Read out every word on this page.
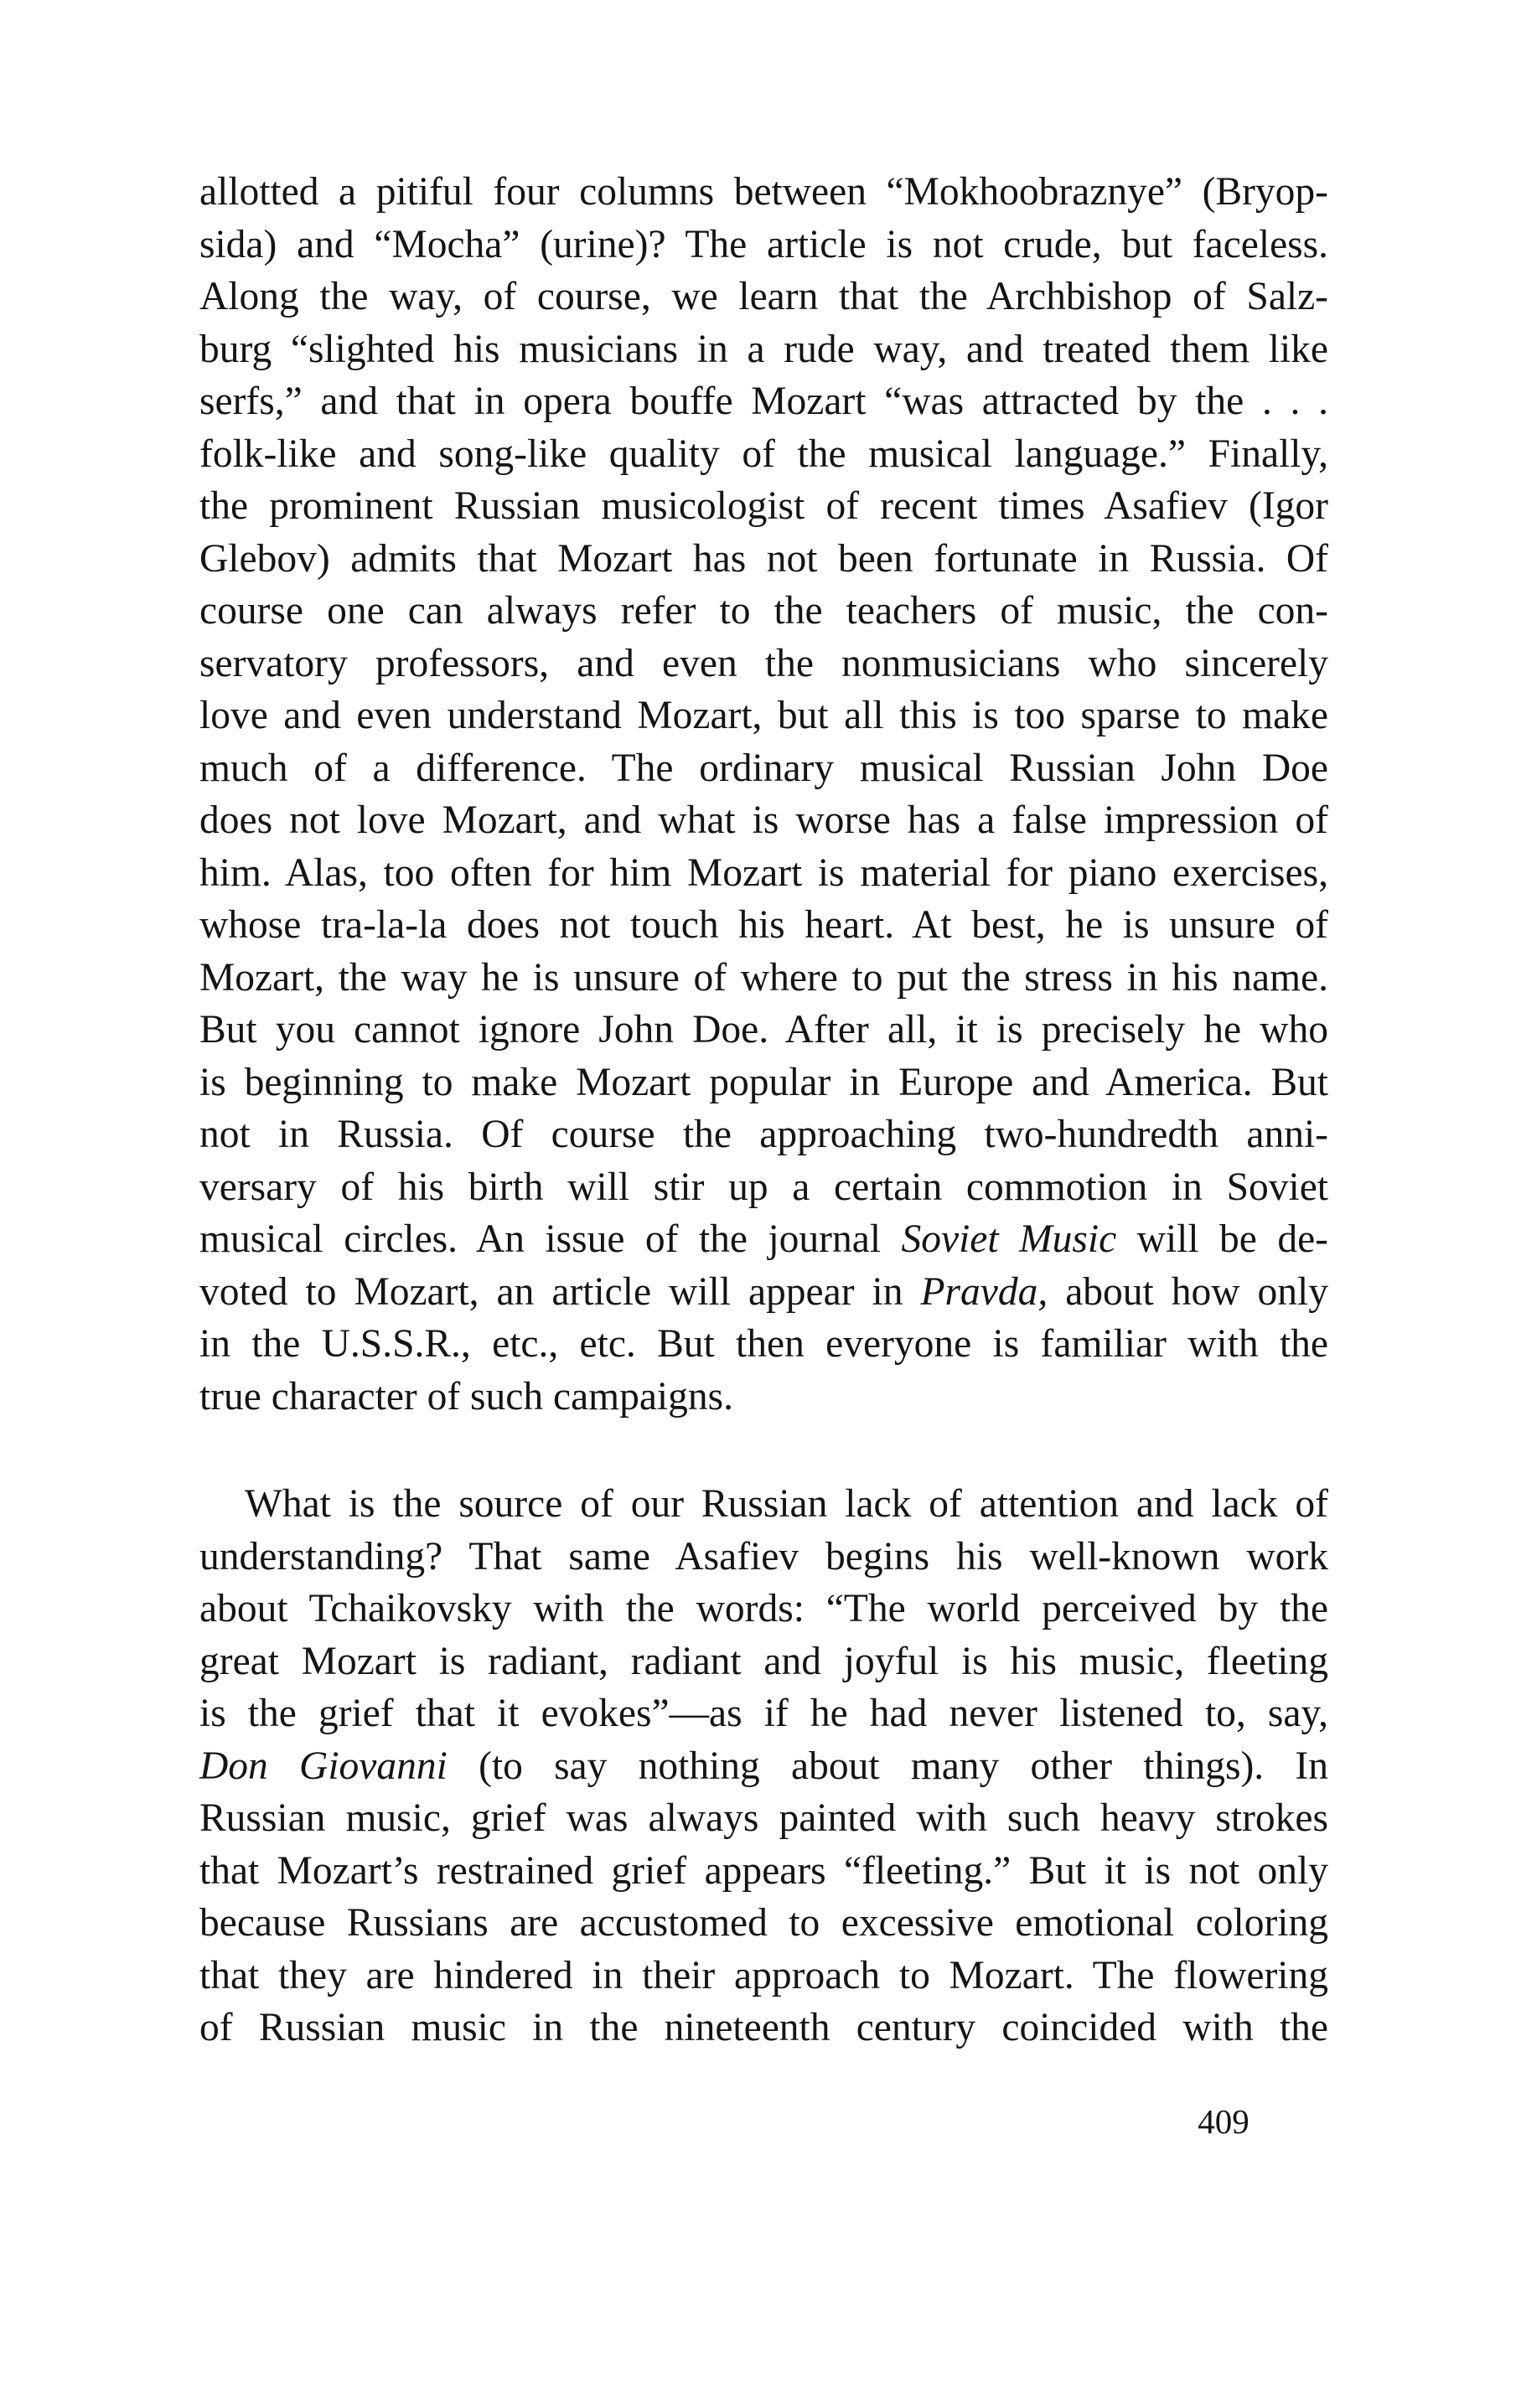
allotted a pitiful four columns between “Mokhoobraznye” (Bryop-
sida) and “Mocha” (urine)? The article is not crude, but faceless.
Along the way, of course, we learn that the Archbishop of Salz-
burg “slighted his musicians in a rude way, and treated them like
serfs,” and that in opera bouffe Mozart “was attracted by the . . .
folk-like and song-like quality of the musical language.” Finally,
the prominent Russian musicologist of recent times Asafiev (Igor
Glebov) admits that Mozart has not been fortunate in Russia. Of
course one can always refer to the teachers of music, the con-
servatory professors, and even the nonmusicians who sincerely
love and even understand Mozart, but all this is too sparse to make
much of a difference. The ordinary musical Russian John Doe
does not love Mozart, and what is worse has a false impression of
him. Alas, too often for him Mozart is material for piano exercises,
whose tra-la-la does not touch his heart. At best, he is unsure of
Mozart, the way he is unsure of where to put the stress in his name.
But you cannot ignore John Doe. After all, it is precisely he who
is beginning to make Mozart popular in Europe and America. But
not in Russia. Of course the approaching two-hundredth anni-
versary of his birth will stir up a certain commotion in Soviet
musical circles. An issue of the journal Soviet Music will be de-
voted to Mozart, an article will appear in Pravda, about how only
in the U.S.S.R., etc., etc. But then everyone is familiar with the
true character of such campaigns.
What is the source of our Russian lack of attention and lack of
understanding? That same Asafiev begins his well-known work
about Tchaikovsky with the words: “The world perceived by the
great Mozart is radiant, radiant and joyful is his music, fleeting
is the grief that it evokes”—as if he had never listened to, say,
Don Giovanni (to say nothing about many other things). In
Russian music, grief was always painted with such heavy strokes
that Mozart’s restrained grief appears “fleeting.” But it is not only
because Russians are accustomed to excessive emotional coloring
that they are hindered in their approach to Mozart. The flowering
of Russian music in the nineteenth century coincided with the
409
